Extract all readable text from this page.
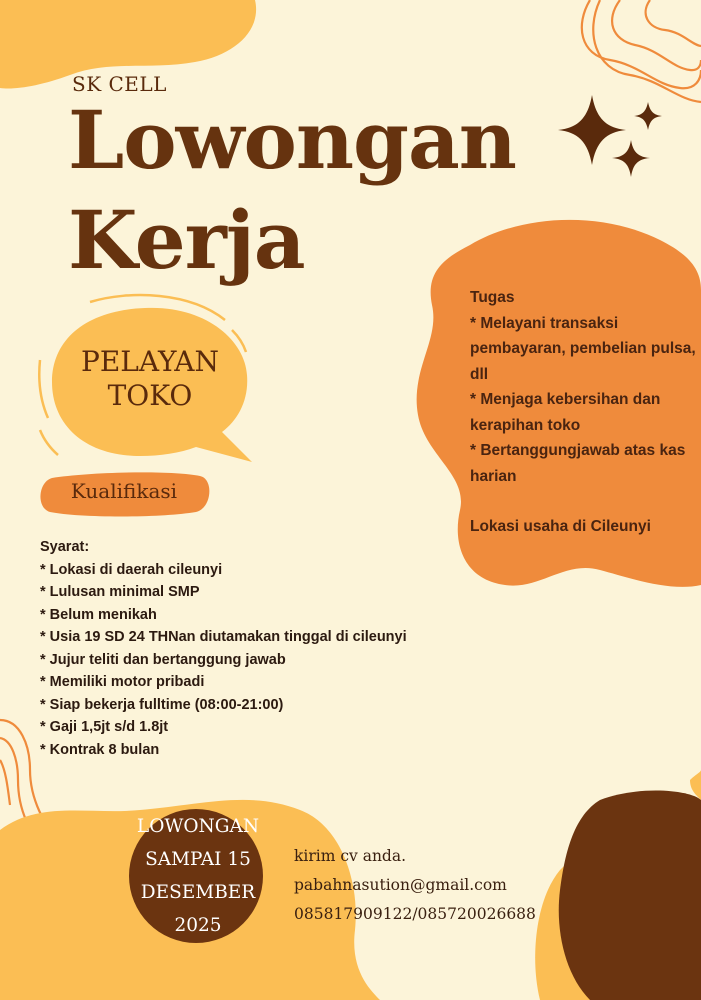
SK CELL
Lowongan
Kerja
PELAYAN
TOKO
Kualifikasi
Syarat:
* Lokasi di daerah cileunyi
* Lulusan minimal SMP
* Belum menikah
* Usia 19 SD 24 THNan diutamakan tinggal di cileunyi
* Jujur teliti dan bertanggung jawab
* Memiliki motor pribadi
* Siap bekerja fulltime (08:00-21:00)
* Gaji 1,5jt s/d 1.8jt
* Kontrak 8 bulan
Tugas
* Melayani transaksi pembayaran, pembelian pulsa, dll
* Menjaga kebersihan dan kerapihan toko
* Bertanggungjawab atas kas harian
Lokasi usaha di Cileunyi
LOWONGAN
SAMPAI 15
DESEMBER
2025
kirim cv anda.
pabahnasution@gmail.com
085817909122/085720026688
